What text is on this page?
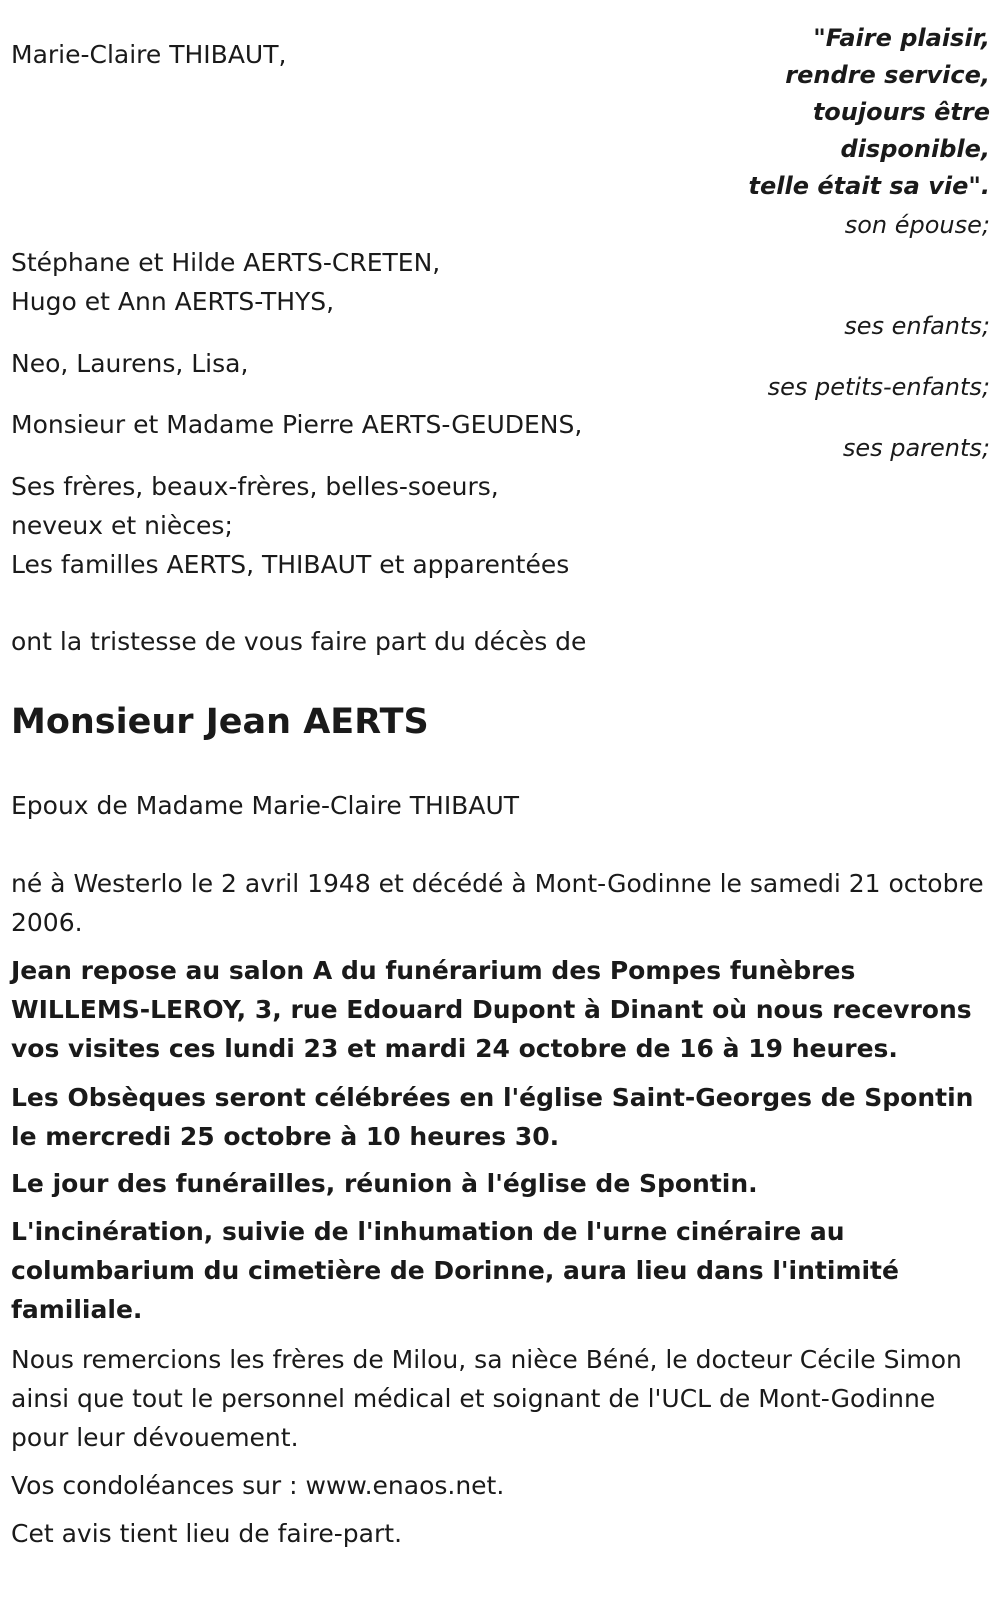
"Faire plaisir,
rendre service,
toujours être
disponible,
telle était sa vie".
Marie-Claire THIBAUT,
son épouse;
Stéphane et Hilde AERTS-CRETEN,
Hugo et Ann AERTS-THYS,
ses enfants;
Neo, Laurens, Lisa,
ses petits-enfants;
Monsieur et Madame Pierre AERTS-GEUDENS,
ses parents;
Ses frères, beaux-frères, belles-soeurs,
neveux et nièces;
Les familles AERTS, THIBAUT et apparentées
ont la tristesse de vous faire part du décès de
Monsieur Jean AERTS
Epoux de Madame Marie-Claire THIBAUT
né à Westerlo le 2 avril 1948 et décédé à Mont-Godinne le samedi 21 octobre 2006.
Jean repose au salon A du funérarium des Pompes funèbres WILLEMS-LEROY, 3, rue Edouard Dupont à Dinant où nous recevrons vos visites ces lundi 23 et mardi 24 octobre de 16 à 19 heures.
Les Obsèques seront célébrées en l'église Saint-Georges de Spontin le mercredi 25 octobre à 10 heures 30.
Le jour des funérailles, réunion à l'église de Spontin.
L'incinération, suivie de l'inhumation de l'urne cinéraire au columbarium du cimetière de Dorinne, aura lieu dans l'intimité familiale.
Nous remercions les frères de Milou, sa nièce Béné, le docteur Cécile Simon ainsi que tout le personnel médical et soignant de l'UCL de Mont-Godinne pour leur dévouement.
Vos condoléances sur : www.enaos.net.
Cet avis tient lieu de faire-part.
